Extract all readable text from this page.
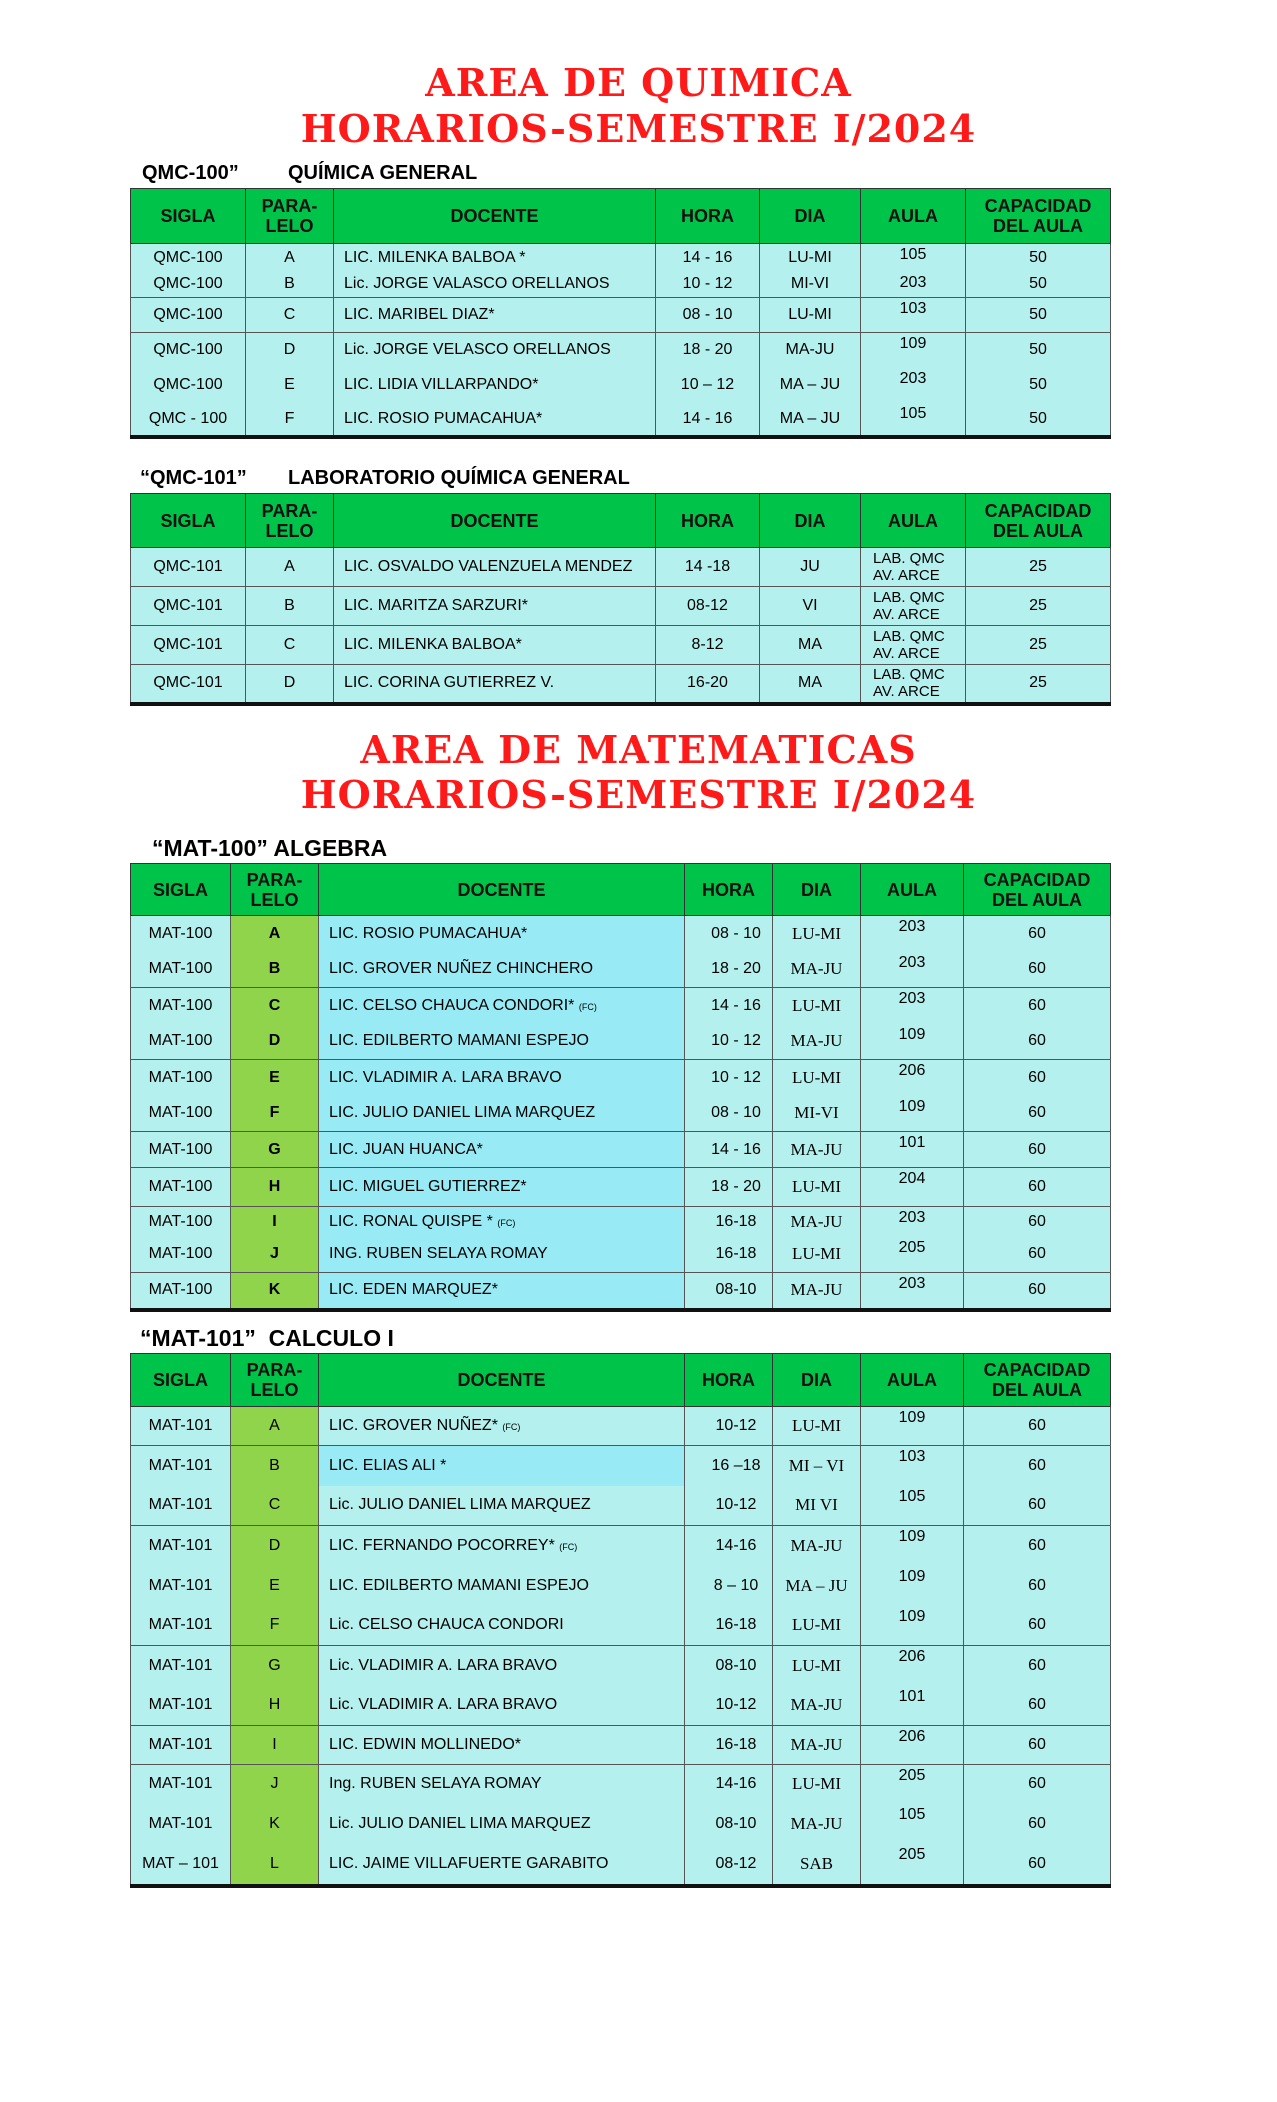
AREA DE QUIMICA
HORARIOS-SEMESTRE I/2024
QMC-100” QUÍMICA GENERAL
SIGLA	PARA-
LELO	DOCENTE	HORA	DIA	AULA	CAPACIDAD
DEL AULA
QMC-100	A	LIC. MILENKA BALBOA *	14 - 16	LU-MI	105	50
QMC-100	B	Lic. JORGE VALASCO ORELLANOS	10 - 12	MI-VI	203	50
QMC-100	C	LIC. MARIBEL DIAZ*	08 - 10	LU-MI	103	50
QMC-100	D	Lic. JORGE VELASCO ORELLANOS	18 - 20	MA-JU	109	50
QMC-100	E	LIC. LIDIA VILLARPANDO*	10 – 12	MA – JU	203	50
QMC - 100	F	LIC. ROSIO PUMACAHUA*	14 - 16	MA – JU	105	50
“QMC-101” LABORATORIO QUÍMICA GENERAL
SIGLA	PARA-
LELO	DOCENTE	HORA	DIA	AULA	CAPACIDAD
DEL AULA
QMC-101	A	LIC. OSVALDO VALENZUELA MENDEZ	14 -18	JU	LAB. QMC
AV. ARCE	25
QMC-101	B	LIC. MARITZA SARZURI*	08-12	VI	LAB. QMC
AV. ARCE	25
QMC-101	C	LIC. MILENKA BALBOA*	8-12	MA	LAB. QMC
AV. ARCE	25
QMC-101	D	LIC. CORINA GUTIERREZ V.	16-20	MA	LAB. QMC
AV. ARCE	25
AREA DE MATEMATICAS
HORARIOS-SEMESTRE I/2024
“MAT-100” ALGEBRA
SIGLA	PARA-
LELO	DOCENTE	HORA	DIA	AULA	CAPACIDAD
DEL AULA
MAT-100	A	LIC. ROSIO PUMACAHUA*	08 - 10	LU-MI	203	60
MAT-100	B	LIC. GROVER NUÑEZ CHINCHERO	18 - 20	MA-JU	203	60
MAT-100	C	LIC. CELSO CHAUCA CONDORI* (FC)	14 - 16	LU-MI	203	60
MAT-100	D	LIC. EDILBERTO MAMANI ESPEJO	10 - 12	MA-JU	109	60
MAT-100	E	LIC. VLADIMIR A. LARA BRAVO	10 - 12	LU-MI	206	60
MAT-100	F	LIC. JULIO DANIEL LIMA MARQUEZ	08 - 10	MI-VI	109	60
MAT-100	G	LIC. JUAN HUANCA*	14 - 16	MA-JU	101	60
MAT-100	H	LIC. MIGUEL GUTIERREZ*	18 - 20	LU-MI	204	60
MAT-100	I	LIC. RONAL QUISPE * (FC)	16-18	MA-JU	203	60
MAT-100	J	ING. RUBEN SELAYA ROMAY	16-18	LU-MI	205	60
MAT-100	K	LIC. EDEN MARQUEZ*	08-10	MA-JU	203	60
“MAT-101”  CALCULO I
SIGLA	PARA-
LELO	DOCENTE	HORA	DIA	AULA	CAPACIDAD
DEL AULA
MAT-101	A	LIC. GROVER NUÑEZ* (FC)	10-12	LU-MI	109	60
MAT-101	B	LIC. ELIAS ALI *	16 –18	MI – VI	103	60
MAT-101	C	Lic. JULIO DANIEL LIMA MARQUEZ	10-12	MI VI	105	60
MAT-101	D	LIC. FERNANDO POCORREY* (FC)	14-16	MA-JU	109	60
MAT-101	E	LIC. EDILBERTO MAMANI ESPEJO	8 – 10	MA – JU	109	60
MAT-101	F	Lic. CELSO CHAUCA CONDORI	16-18	LU-MI	109	60
MAT-101	G	Lic. VLADIMIR A. LARA BRAVO	08-10	LU-MI	206	60
MAT-101	H	Lic. VLADIMIR A. LARA BRAVO	10-12	MA-JU	101	60
MAT-101	I	LIC. EDWIN MOLLINEDO*	16-18	MA-JU	206	60
MAT-101	J	Ing. RUBEN SELAYA ROMAY	14-16	LU-MI	205	60
MAT-101	K	Lic. JULIO DANIEL LIMA MARQUEZ	08-10	MA-JU	105	60
MAT – 101	L	LIC. JAIME VILLAFUERTE GARABITO	08-12	SAB	205	60
